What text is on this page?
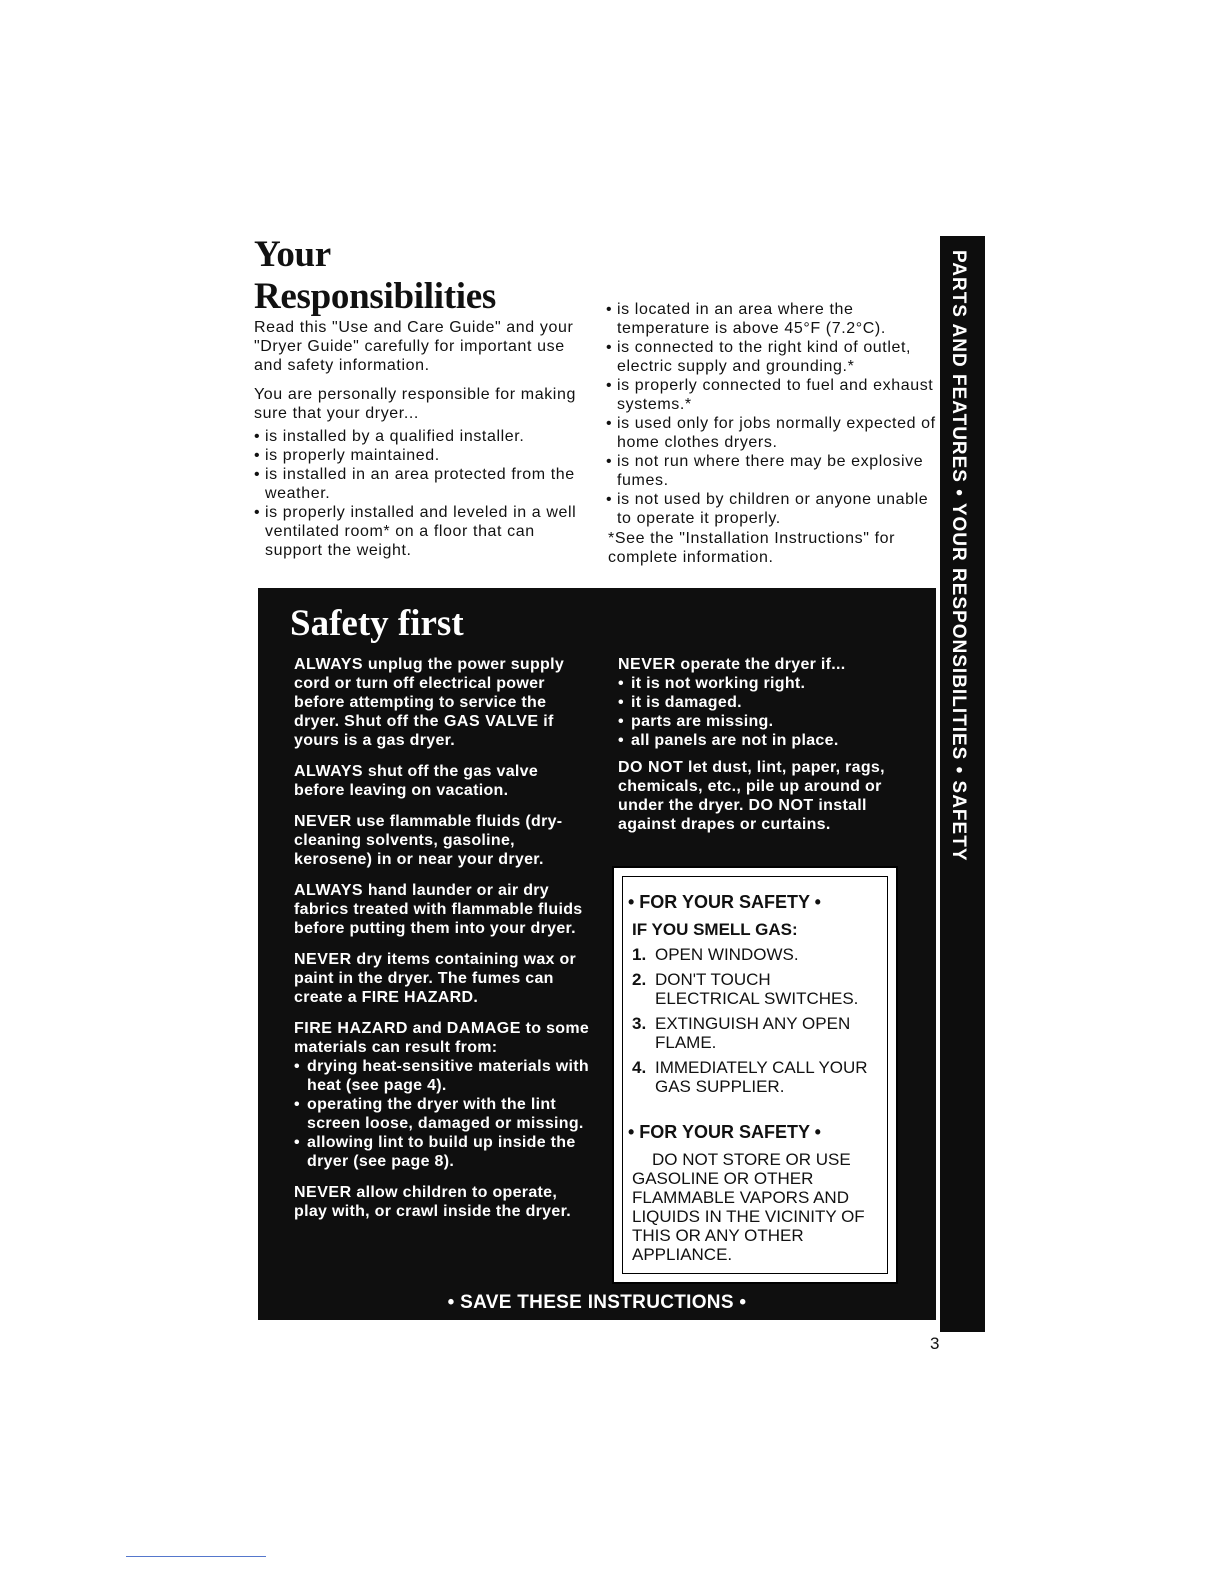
Your
Responsibilities

Read this "Use and Care Guide" and your "Dryer Guide" carefully for important use and safety information.

You are personally responsible for making sure that your dryer...

• is installed by a qualified installer.
• is properly maintained.
• is installed in an area protected from the weather.
• is properly installed and leveled in a well ventilated room* on a floor that can support the weight.
• is located in an area where the temperature is above 45°F (7.2°C).
• is connected to the right kind of outlet, electric supply and grounding.*
• is properly connected to fuel and exhaust systems.*
• is used only for jobs normally expected of home clothes dryers.
• is not run where there may be explosive fumes.
• is not used by children or anyone unable to operate it properly.
*See the "Installation Instructions" for complete information.	PARTS AND FEATURES • YOUR RESPONSIBILITIES • SAFETY
Safety first

ALWAYS unplug the power supply cord or turn off electrical power before attempting to service the dryer. Shut off the GAS VALVE if yours is a gas dryer.

ALWAYS shut off the gas valve before leaving on vacation.

NEVER use flammable fluids (dry-cleaning solvents, gasoline, kerosene) in or near your dryer.

ALWAYS hand launder or air dry fabrics treated with flammable fluids before putting them into your dryer.

NEVER dry items containing wax or paint in the dryer. The fumes can create a FIRE HAZARD.

FIRE HAZARD and DAMAGE to some materials can result from:

• drying heat-sensitive materials with heat (see page 4).
• operating the dryer with the lint screen loose, damaged or missing.
• allowing lint to build up inside the dryer (see page 8).

NEVER allow children to operate, play with, or crawl inside the dryer.

NEVER operate the dryer if...

• it is not working right.
• it is damaged.
• parts are missing.
• all panels are not in place.

DO NOT let dust, lint, paper, rags, chemicals, etc., pile up around or under the dryer. DO NOT install against drapes or curtains.

• FOR YOUR SAFETY •
IF YOU SMELL GAS:
1. OPEN WINDOWS.
2. DON'T TOUCH ELECTRICAL SWITCHES.
3. EXTINGUISH ANY OPEN FLAME.
4. IMMEDIATELY CALL YOUR GAS SUPPLIER.
• FOR YOUR SAFETY •
DO NOT STORE OR USE
GASOLINE OR OTHER FLAMMABLE VAPORS AND LIQUIDS IN THE VICINITY OF THIS OR ANY OTHER APPLIANCE.
• SAVE THESE INSTRUCTIONS •
3
